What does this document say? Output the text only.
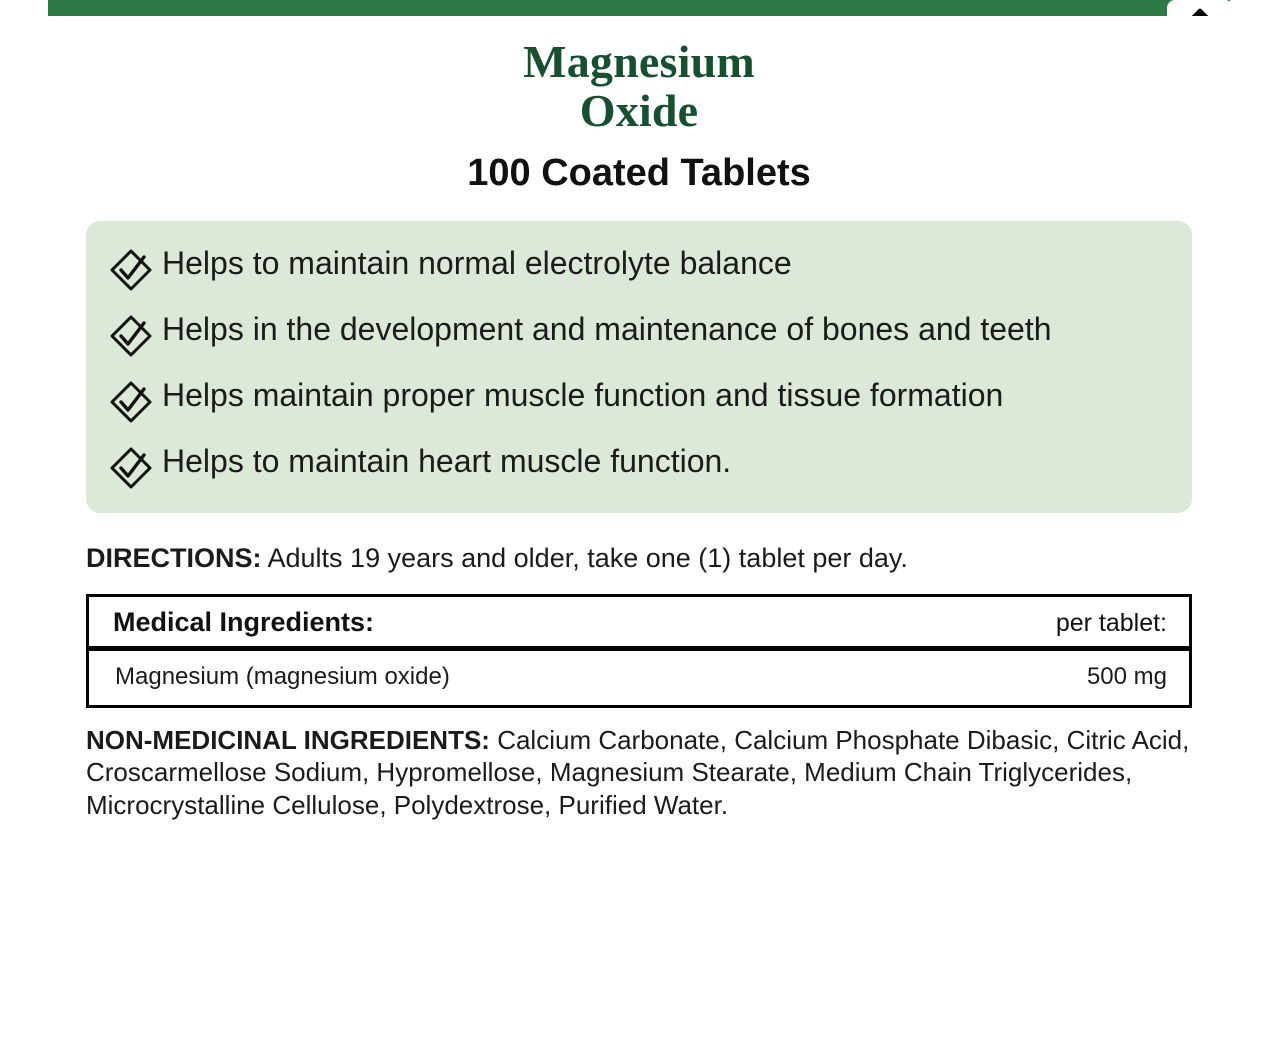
Magnesium
Oxide
100 Coated Tablets
Helps to maintain normal electrolyte balance
Helps in the development and maintenance of bones and teeth
Helps maintain proper muscle function and tissue formation
Helps to maintain heart muscle function.

DIRECTIONS: Adults 19 years and older, take one (1) tablet per day.

Medical Ingredients:	per tablet:
Magnesium (magnesium oxide)	500 mg

NON-MEDICINAL INGREDIENTS: Calcium Carbonate, Calcium Phosphate Dibasic, Citric Acid, Croscarmellose Sodium, Hypromellose, Magnesium Stearate, Medium Chain Triglycerides, Microcrystalline Cellulose, Polydextrose, Purified Water.
